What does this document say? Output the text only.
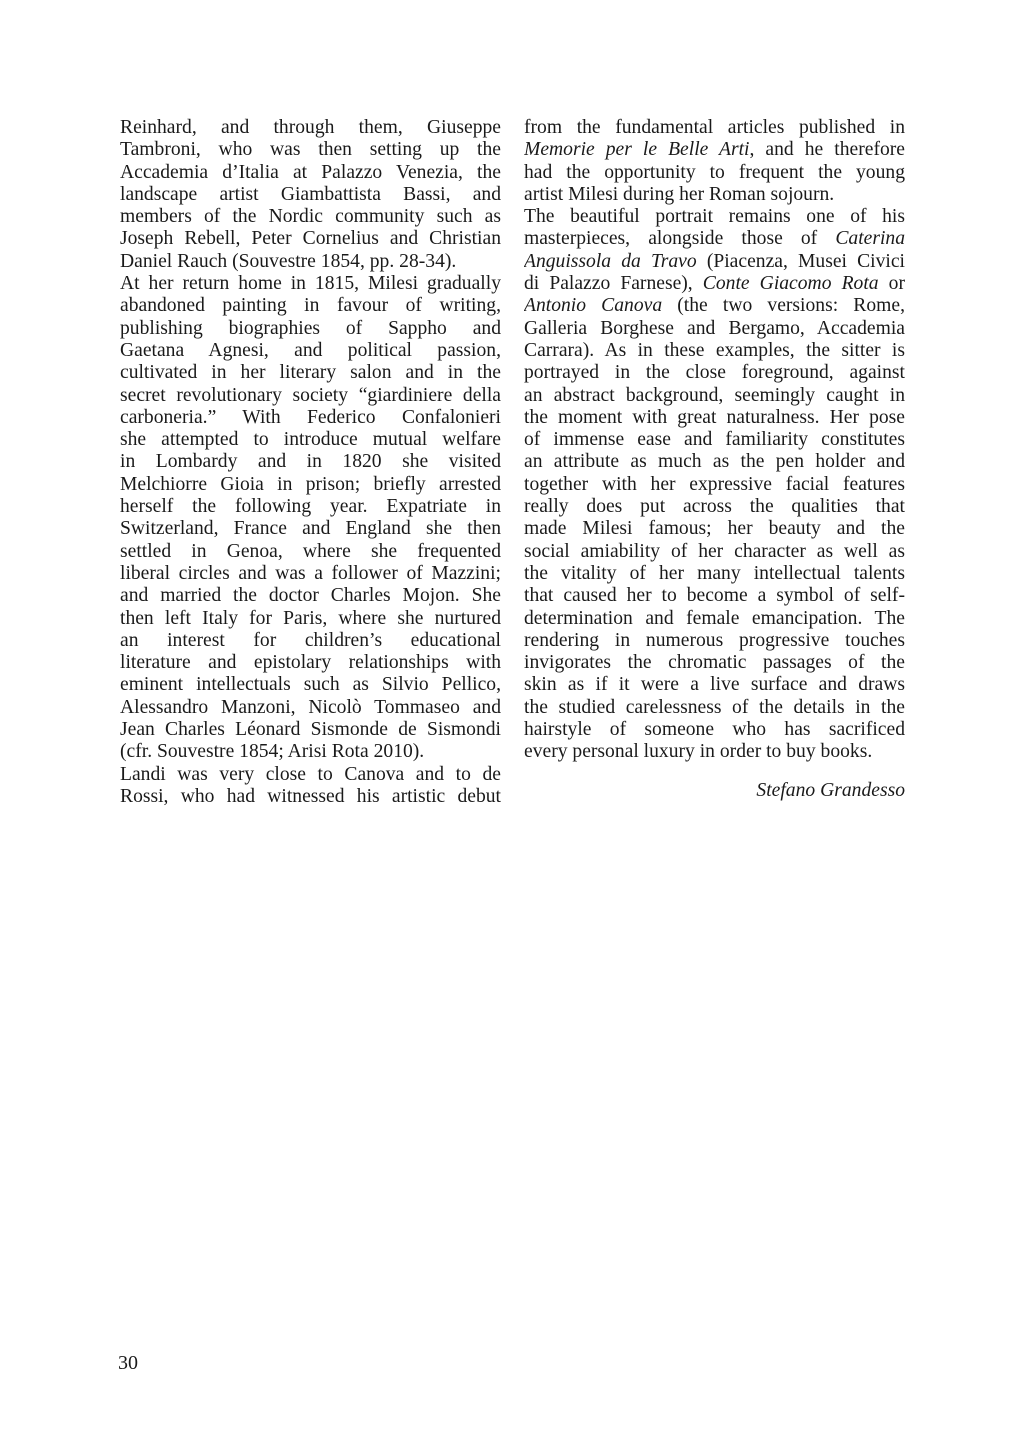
Reinhard, and through them, Giuseppe
Tambroni, who was then setting up the
Accademia d’Italia at Palazzo Venezia, the
landscape artist Giambattista Bassi, and
members of the Nordic community such as
Joseph Rebell, Peter Cornelius and Christian
Daniel Rauch (Souvestre 1854, pp. 28-34).
At her return home in 1815, Milesi gradually
abandoned painting in favour of writing,
publishing biographies of Sappho and
Gaetana Agnesi, and political passion,
cultivated in her literary salon and in the
secret revolutionary society “giardiniere della
carboneria.” With Federico Confalonieri
she attempted to introduce mutual welfare
in Lombardy and in 1820 she visited
Melchiorre Gioia in prison; briefly arrested
herself the following year. Expatriate in
Switzerland, France and England she then
settled in Genoa, where she frequented
liberal circles and was a follower of Mazzini;
and married the doctor Charles Mojon. She
then left Italy for Paris, where she nurtured
an interest for children’s educational
literature and epistolary relationships with
eminent intellectuals such as Silvio Pellico,
Alessandro Manzoni, Nicolò Tommaseo and
Jean Charles Léonard Sismonde de Sismondi
(cfr. Souvestre 1854; Arisi Rota 2010).
Landi was very close to Canova and to de
Rossi, who had witnessed his artistic debut
from the fundamental articles published in
Memorie per le Belle Arti, and he therefore
had the opportunity to frequent the young
artist Milesi during her Roman sojourn.
The beautiful portrait remains one of his
masterpieces, alongside those of Caterina
Anguissola da Travo (Piacenza, Musei Civici
di Palazzo Farnese), Conte Giacomo Rota or
Antonio Canova (the two versions: Rome,
Galleria Borghese and Bergamo, Accademia
Carrara). As in these examples, the sitter is
portrayed in the close foreground, against
an abstract background, seemingly caught in
the moment with great naturalness. Her pose
of immense ease and familiarity constitutes
an attribute as much as the pen holder and
together with her expressive facial features
really does put across the qualities that
made Milesi famous; her beauty and the
social amiability of her character as well as
the vitality of her many intellectual talents
that caused her to become a symbol of self-
determination and female emancipation. The
rendering in numerous progressive touches
invigorates the chromatic passages of the
skin as if it were a live surface and draws
the studied carelessness of the details in the
hairstyle of someone who has sacrificed
every personal luxury in order to buy books.
Stefano Grandesso
30
